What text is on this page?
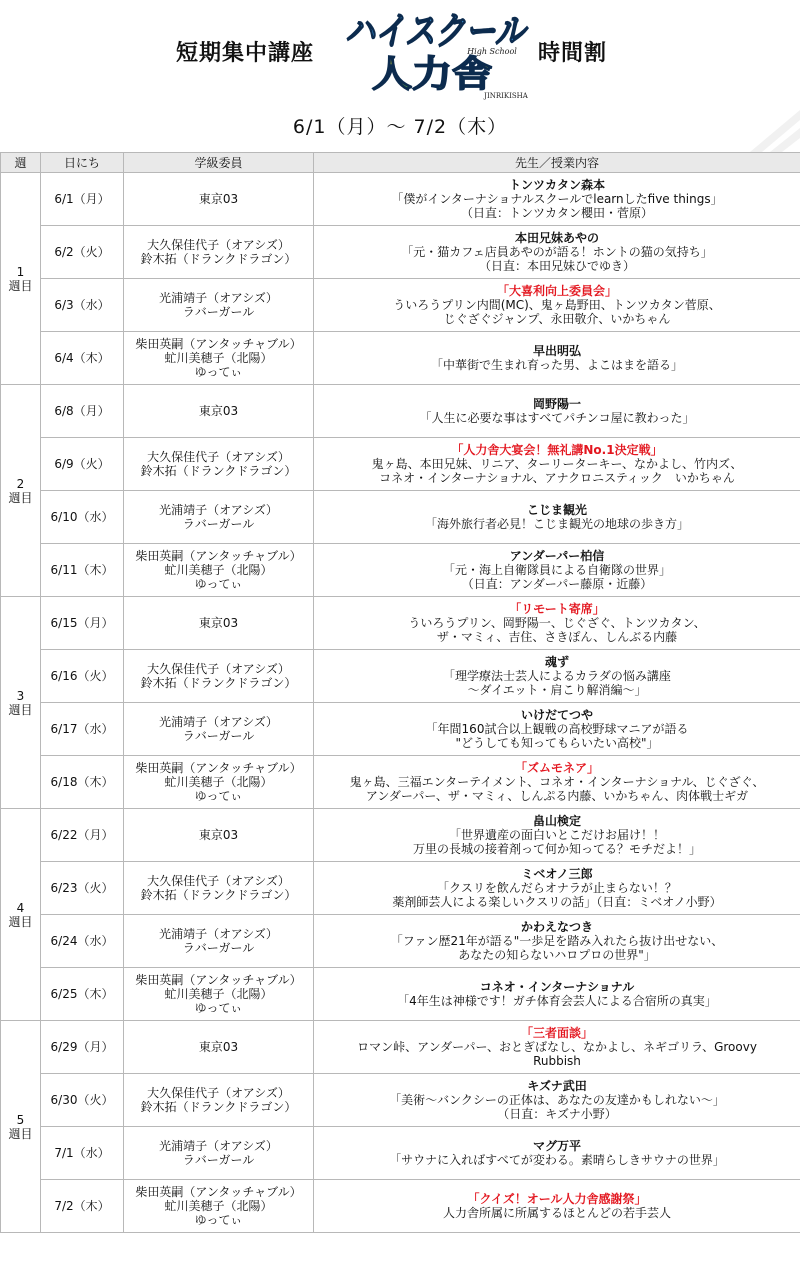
短期集中講座
ハイスクール
High School
人力舎
JINRIKISHA
時間割
6/1（月）～ 7/2（木）
週	日にち	学級委員	先生／授業内容

1
週目	6/1（月）	東京03	トンツカタン森本
「僕がインターナショナルスクールでlearnしたfive things」
（日直：トンツカタン櫻田・菅原）

	6/2（火）	大久保佳代子（オアシズ）
鈴木拓（ドランクドラゴン）	本田兄妹あやの
「元・猫カフェ店員あやのが語る！ホントの猫の気持ち」
（日直：本田兄妹ひでゆき）

	6/3（水）	光浦靖子（オアシズ）
ラバーガール	「大喜利向上委員会」
ういろうプリン内間(MC)、鬼ヶ島野田、トンツカタン菅原、
じぐざぐジャンプ、永田敬介、いかちゃん

	6/4（木）	柴田英嗣（アンタッチャブル）
虻川美穂子（北陽）
ゆってぃ	早出明弘
「中華街で生まれ育った男、よこはまを語る」

2
週目	6/8（月）	東京03	岡野陽一
「人生に必要な事はすべてパチンコ屋に教わった」

	6/9（火）	大久保佳代子（オアシズ）
鈴木拓（ドランクドラゴン）	「人力舎大宴会！無礼講No.1決定戦」
鬼ヶ島、本田兄妹、リニア、ターリーターキー、なかよし、竹内ズ、
コネオ・インターナショナル、アナクロニスティック　いかちゃん

	6/10（水）	光浦靖子（オアシズ）
ラバーガール	こじま観光
「海外旅行者必見！こじま観光の地球の歩き方」

	6/11（木）	柴田英嗣（アンタッチャブル）
虻川美穂子（北陽）
ゆってぃ	アンダーパー柏信
「元・海上自衛隊員による自衛隊の世界」
（日直：アンダーパー藤原・近藤）

3
週目	6/15（月）	東京03	「リモート寄席」
ういろうプリン、岡野陽一、じぐざぐ、トンツカタン、
ザ・マミィ、吉住、さきぽん、しんぶる内藤

	6/16（火）	大久保佳代子（オアシズ）
鈴木拓（ドランクドラゴン）	魂ず
「理学療法士芸人によるカラダの悩み講座
～ダイエット・肩こり解消編～」

	6/17（水）	光浦靖子（オアシズ）
ラバーガール	いけだてつや
「年間160試合以上観戦の高校野球マニアが語る
"どうしても知ってもらいたい高校"」

	6/18（木）	柴田英嗣（アンタッチャブル）
虻川美穂子（北陽）
ゆってぃ	「ズムモネア」
鬼ヶ島、三福エンターテイメント、コネオ・インターナショナル、じぐざぐ、
アンダーパー、ザ・マミィ、しんぷる内藤、いかちゃん、肉体戦士ギガ

4
週目	6/22（月）	東京03	畠山検定
「世界遺産の面白いとこだけお届け！！
万里の長城の接着剤って何か知ってる？モチだよ！」

	6/23（火）	大久保佳代子（オアシズ）
鈴木拓（ドランクドラゴン）	ミベオノ三郎
「クスリを飲んだらオナラが止まらない！？
薬剤師芸人による楽しいクスリの話」（日直：ミベオノ小野）

	6/24（水）	光浦靖子（オアシズ）
ラバーガール	かわえなつき
「ファン歴21年が語る"一歩足を踏み入れたら抜け出せない、
あなたの知らないハロプロの世界"」

	6/25（木）	柴田英嗣（アンタッチャブル）
虻川美穂子（北陽）
ゆってぃ	コネオ・インターナショナル
「4年生は神様です！ガチ体育会芸人による合宿所の真実」

5
週目	6/29（月）	東京03	「三者面談」
ロマン峠、アンダーパー、おとぎばなし、なかよし、ネギゴリラ、Groovy
Rubbish

	6/30（火）	大久保佳代子（オアシズ）
鈴木拓（ドランクドラゴン）	キズナ武田
「美術～バンクシーの正体は、あなたの友達かもしれない～」
（日直：キズナ小野）

	7/1（水）	光浦靖子（オアシズ）
ラバーガール	マグ万平
「サウナに入ればすべてが変わる。素晴らしきサウナの世界」

	7/2（木）	柴田英嗣（アンタッチャブル）
虻川美穂子（北陽）
ゆってぃ	「クイズ！オール人力舎感謝祭」
人力舎所属に所属するほとんどの若手芸人
